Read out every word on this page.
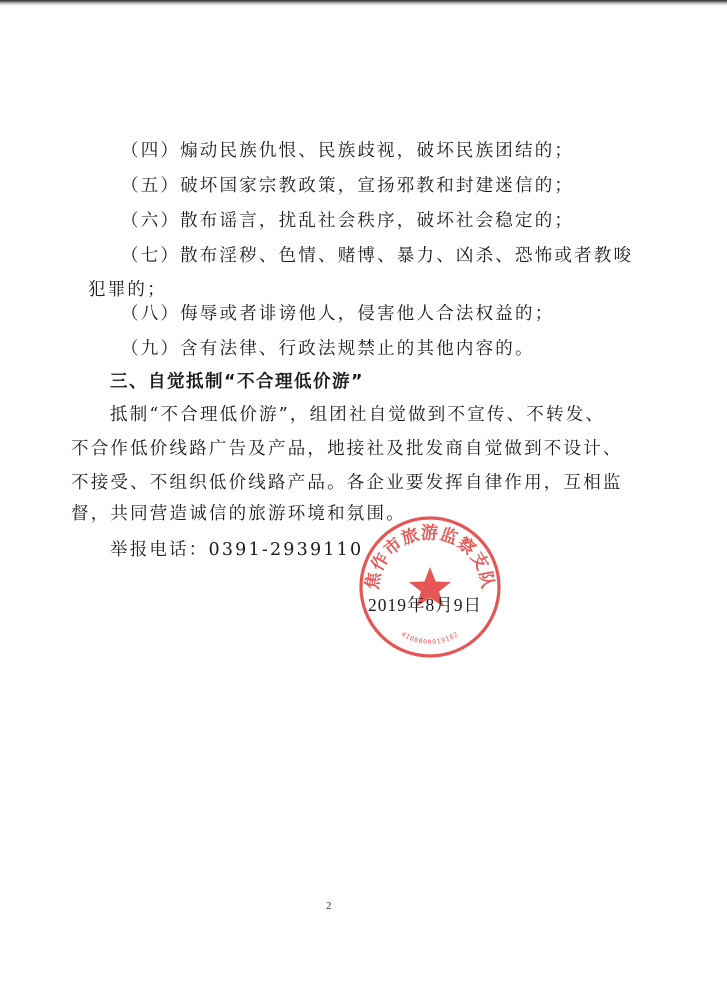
（四）煽动民族仇恨、民族歧视，破坏民族团结的；
（五）破坏国家宗教政策，宣扬邪教和封建迷信的；
（六）散布谣言，扰乱社会秩序，破坏社会稳定的；
（七）散布淫秽、色情、赌博、暴力、凶杀、恐怖或者教唆
犯罪的；
（八）侮辱或者诽谤他人，侵害他人合法权益的；
（九）含有法律、行政法规禁止的其他内容的。
三、自觉抵制“不合理低价游”
抵制“不合理低价游”，组团社自觉做到不宣传、不转发、
不合作低价线路广告及产品，地接社及批发商自觉做到不设计、
不接受、不组织低价线路产品。各企业要发挥自律作用，互相监
督，共同营造诚信的旅游环境和氛围。
举报电话：0391-2939110
焦作市旅游监察支队
4108000019182
2019年8月9日
2
